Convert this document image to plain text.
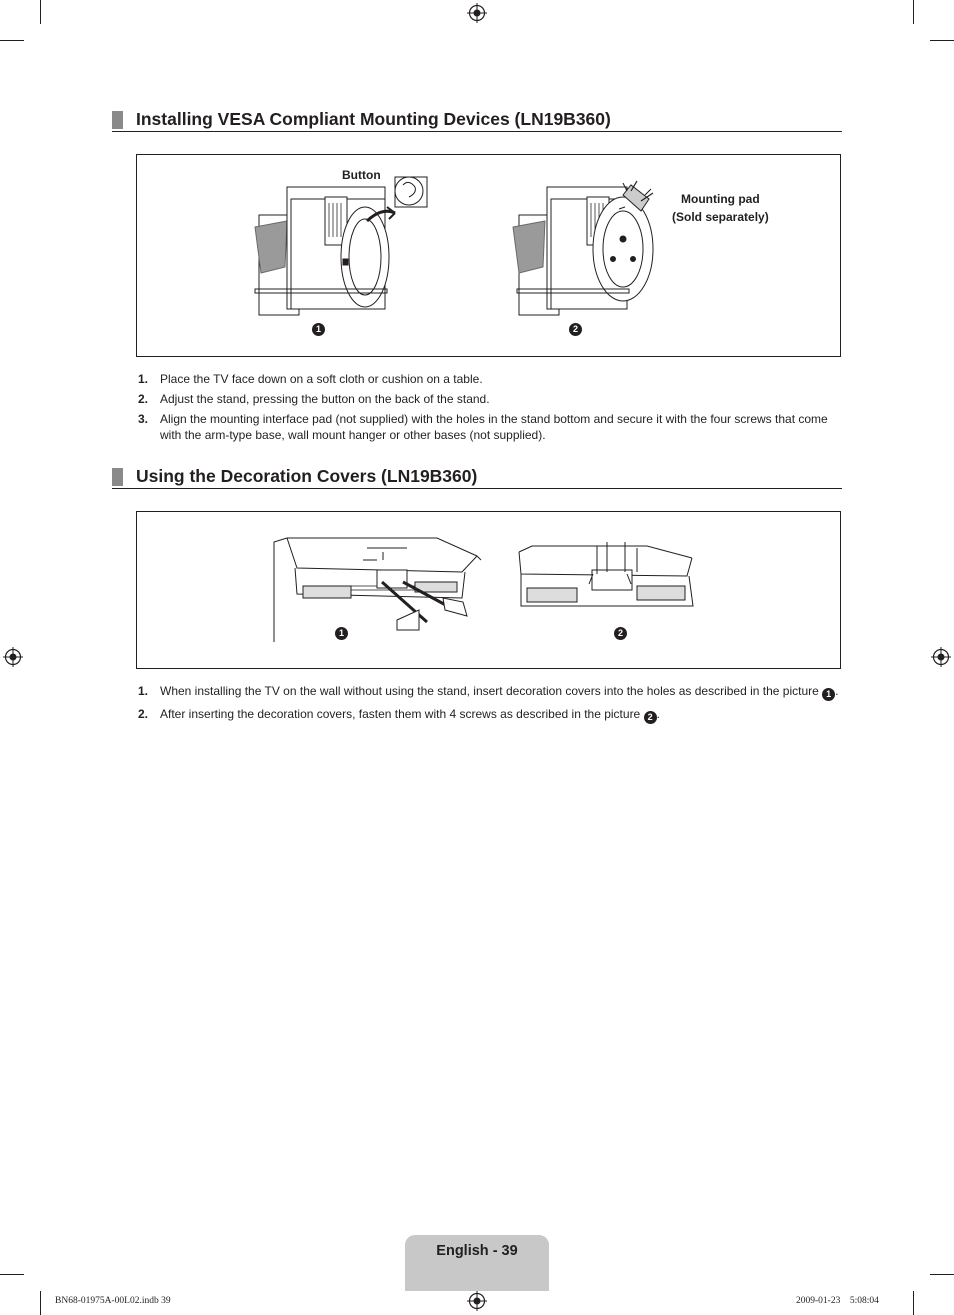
Installing VESA Compliant Mounting Devices (LN19B360)
Button
Mounting pad
(Sold separately)
1	2
1. Place the TV face down on a soft cloth or cushion on a table.
2. Adjust the stand, pressing the button on the back of the stand.
3. Align the mounting interface pad (not supplied) with the holes in the stand bottom and secure it with the four screws that come with the arm-type base, wall mount hanger or other bases (not supplied).
Using the Decoration Covers (LN19B360)
1	2
1. When installing the TV on the wall without using the stand, insert decoration covers into the holes as described in the picture 1 .
2. After inserting the decoration covers, fasten them with 4 screws as described in the picture 2 .
English - 39
BN68-01975A-00L02.indb 39	2009-01-23    5:08:04
